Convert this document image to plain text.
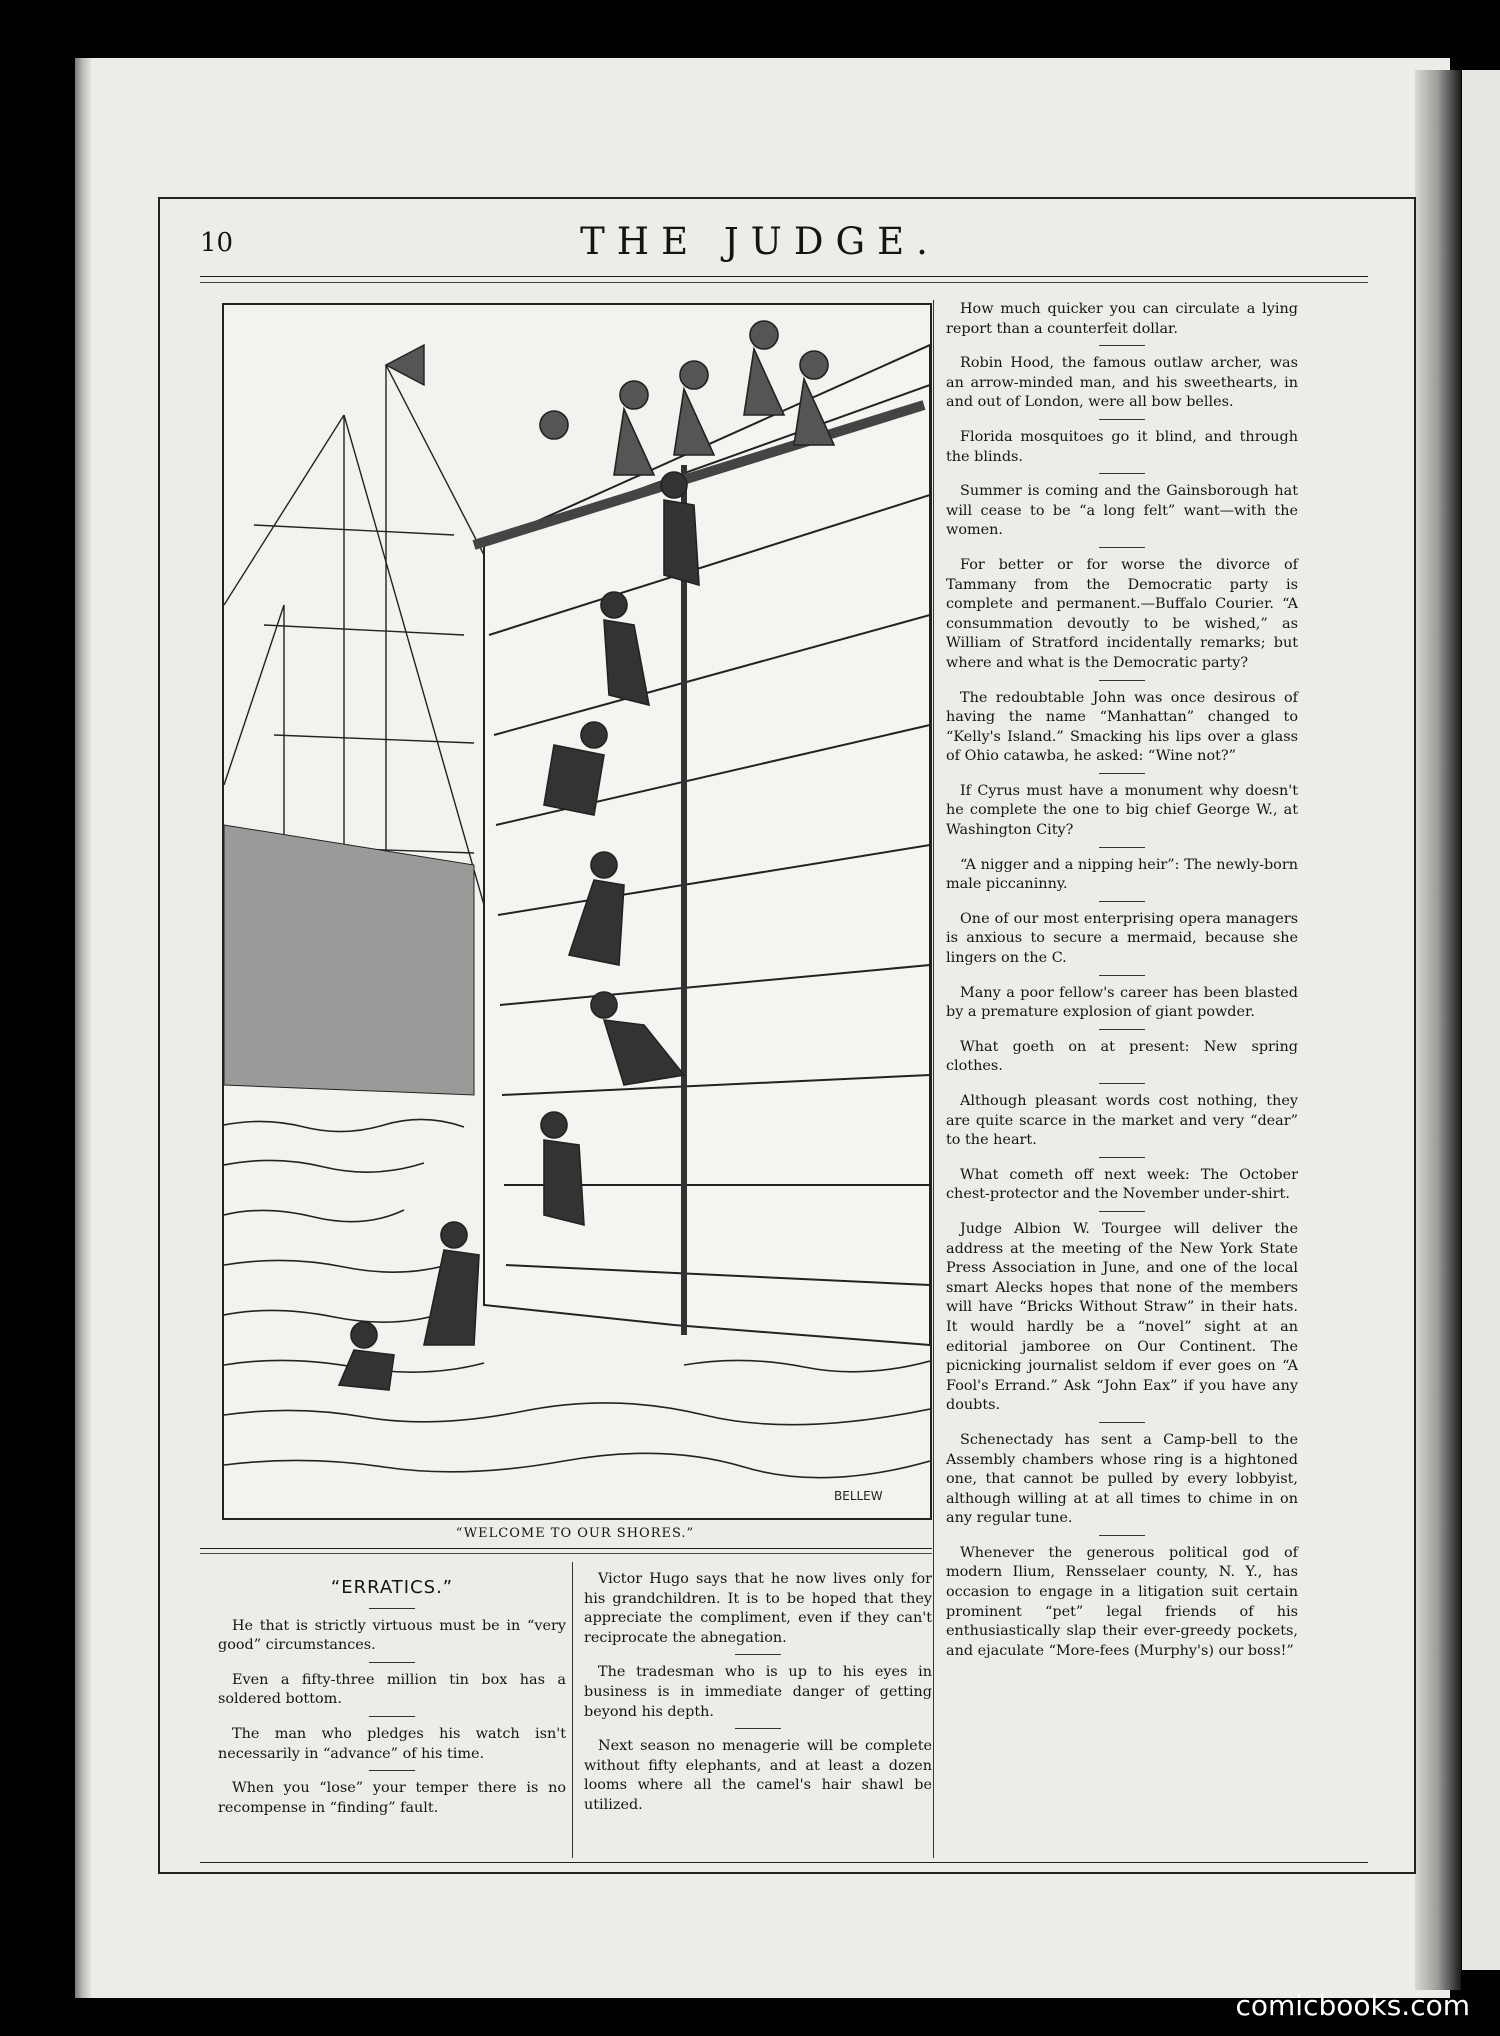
10	THE JUDGE.
BELLEW
“WELCOME TO OUR SHORES.”

How much quicker you can circulate a lying report than a counterfeit dollar.

Robin Hood, the famous outlaw archer, was an arrow-minded man, and his sweethearts, in and out of London, were all bow belles.

Florida mosquitoes go it blind, and through the blinds.

Summer is coming and the Gainsborough hat will cease to be “a long felt” want—with the women.

For better or for worse the divorce of Tammany from the Democratic party is complete and permanent.—Buffalo Courier. “A consummation devoutly to be wished,” as William of Stratford incidentally remarks; but where and what is the Democratic party?

The redoubtable John was once desirous of having the name “Manhattan” changed to “Kelly's Island.” Smacking his lips over a glass of Ohio catawba, he asked: “Wine not?”

If Cyrus must have a monument why doesn't he complete the one to big chief George W., at Washington City?

“A nigger and a nipping heir”: The newly-born male piccaninny.

One of our most enterprising opera managers is anxious to secure a mermaid, because she lingers on the C.

Many a poor fellow's career has been blasted by a premature explosion of giant powder.

What goeth on at present: New spring clothes.

Although pleasant words cost nothing, they are quite scarce in the market and very “dear” to the heart.

What cometh off next week: The October chest-protector and the November under-shirt.

Judge Albion W. Tourgee will deliver the address at the meeting of the New York State Press Association in June, and one of the local smart Alecks hopes that none of the members will have “Bricks Without Straw” in their hats. It would hardly be a “novel” sight at an editorial jamboree on Our Continent. The picnicking journalist seldom if ever goes on “A Fool's Errand.” Ask “John Eax” if you have any doubts.

Schenectady has sent a Camp-bell to the Assembly chambers whose ring is a hightoned one, that cannot be pulled by every lobbyist, although willing at at all times to chime in on any regular tune.

Whenever the generous political god of modern Ilium, Rensselaer county, N. Y., has occasion to engage in a litigation suit certain prominent “pet” legal friends of his enthusiastically slap their ever-greedy pockets, and ejaculate “More-fees (Murphy's) our boss!”

“ERRATICS.”

He that is strictly virtuous must be in “very good” circumstances.

Even a fifty-three million tin box has a soldered bottom.

The man who pledges his watch isn't necessarily in “advance” of his time.

When you “lose” your temper there is no recompense in “finding” fault.

Victor Hugo says that he now lives only for his grandchildren. It is to be hoped that they appreciate the compliment, even if they can't reciprocate the abnegation.

The tradesman who is up to his eyes in business is in immediate danger of getting beyond his depth.

Next season no menagerie will be complete without fifty elephants, and at least a dozen looms where all the camel's hair shawl be utilized.

comicbooks.com
